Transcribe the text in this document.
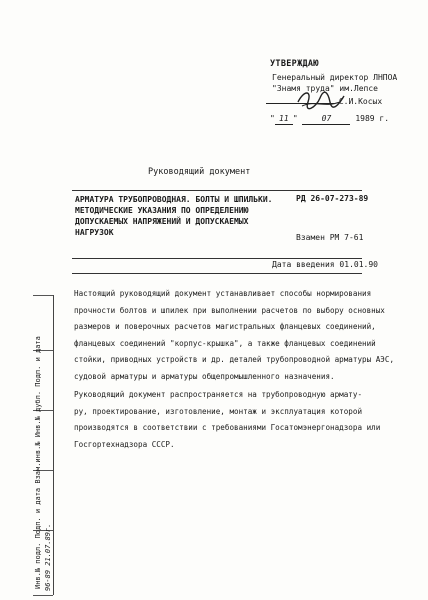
УТВЕРЖДАЮ
Генеральный директор ЛНПОА
"Знамя труда" им.Лепсе
С.И.Косых
" 11 "	07	1989 г.
Руководящий документ
АРМАТУРА ТРУБОПРОВОДНАЯ. БОЛТЫ И ШПИЛЬКИ.
МЕТОДИЧЕСКИЕ УКАЗАНИЯ ПО ОПРЕДЕЛЕНИЮ
ДОПУСКАЕМЫХ НАПРЯЖЕНИЙ И ДОПУСКАЕМЫХ
НАГРУЗОК
РД 26-07-273-89
Взамен РМ 7-61
Дата введения 01.01.90
Настоящий руководящий документ устанавливает способы нормирования
прочности болтов и шпилек при выполнении расчетов по выбору основных
размеров и поверочных расчетов магистральных фланцевых соединений,
фланцевых соединений "корпус-крышка", а также фланцевых соединений
стойки, приводных устройств и др. деталей трубопроводной арматуры АЭС,
судовой арматуры и арматуры общепромышленного назначения.
Руководящий документ распространяется на трубопроводную армату-
ру, проектирование, изготовление, монтаж и эксплуатация которой
производятся в соответствии с требованиями Госатомэнергонадзора или
Госгортехнадзора СССР.
Инв.№ подл. Подп. и дата Взам.инв.№ Инв.№ дубл. Подп. и дата 96-89 21.07.89г.
